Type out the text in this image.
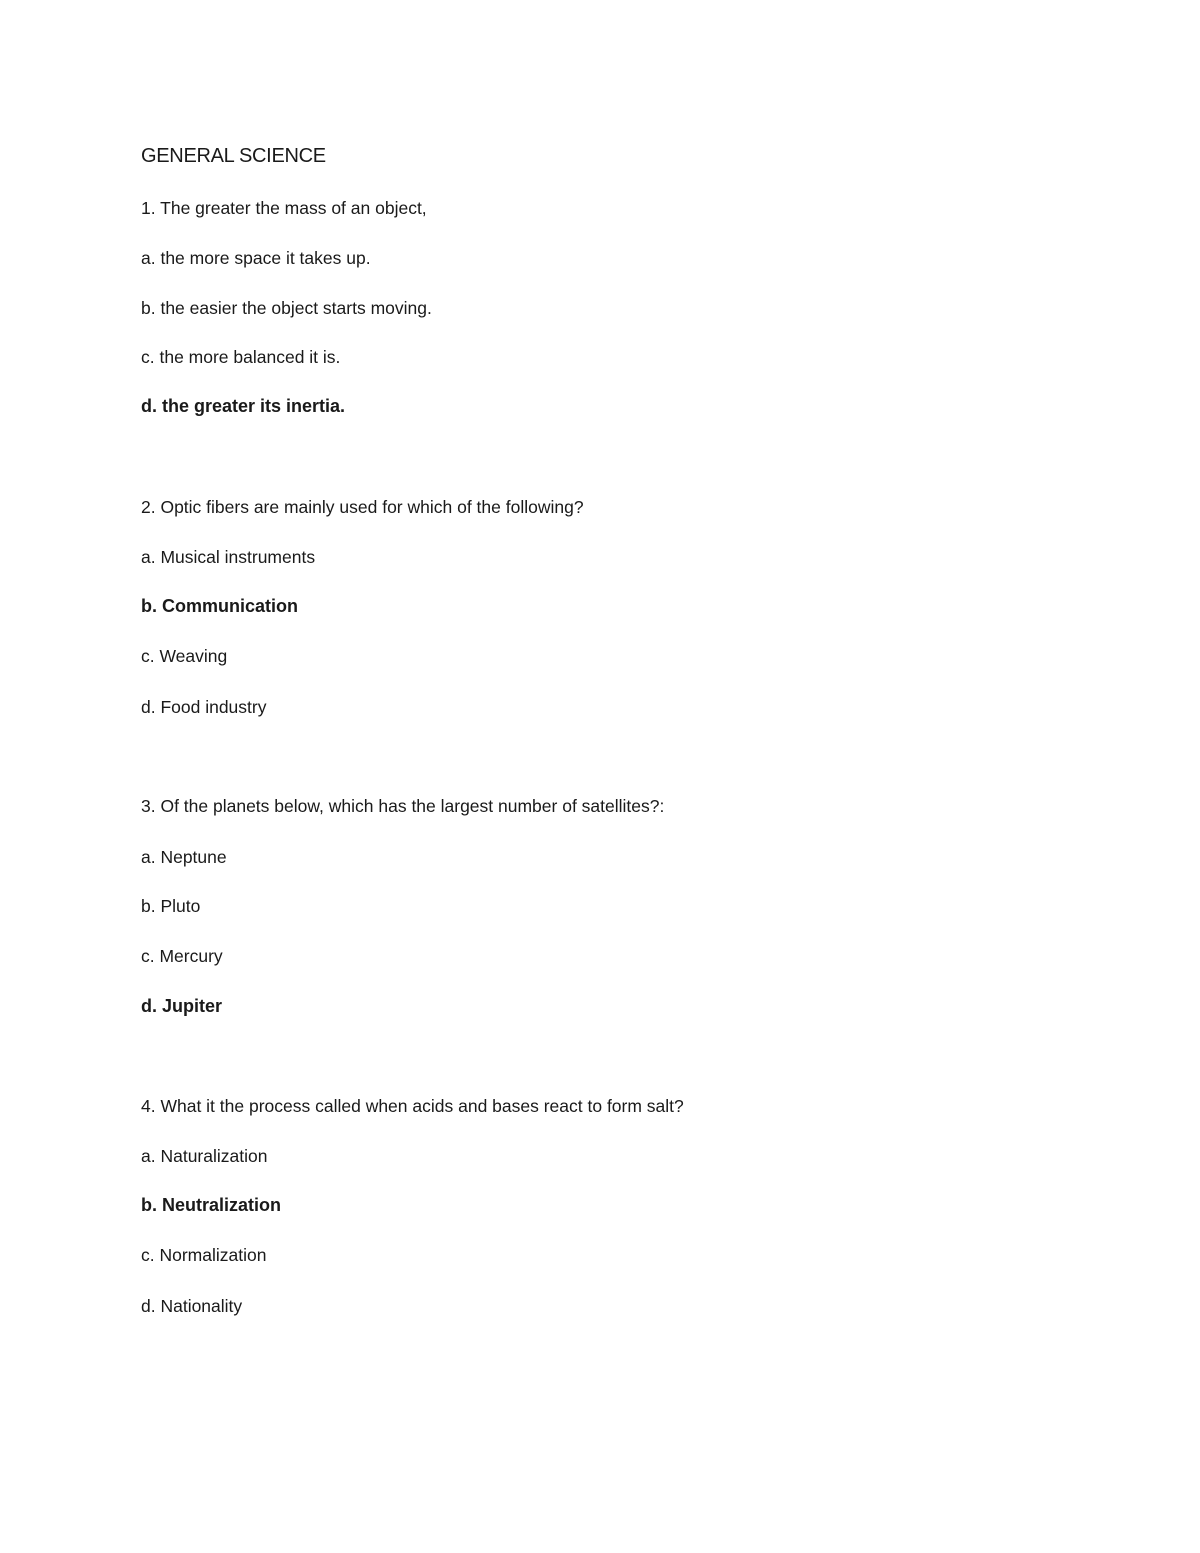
GENERAL SCIENCE

1. The greater the mass of an object,

a. the more space it takes up.

b. the easier the object starts moving.

c. the more balanced it is.

d. the greater its inertia.

2. Optic fibers are mainly used for which of the following?

a. Musical instruments

b. Communication

c. Weaving

d. Food industry

3. Of the planets below, which has the largest number of satellites?:

a. Neptune

b. Pluto

c. Mercury

d. Jupiter

4. What it the process called when acids and bases react to form salt?

a. Naturalization

b. Neutralization

c. Normalization

d. Nationality
